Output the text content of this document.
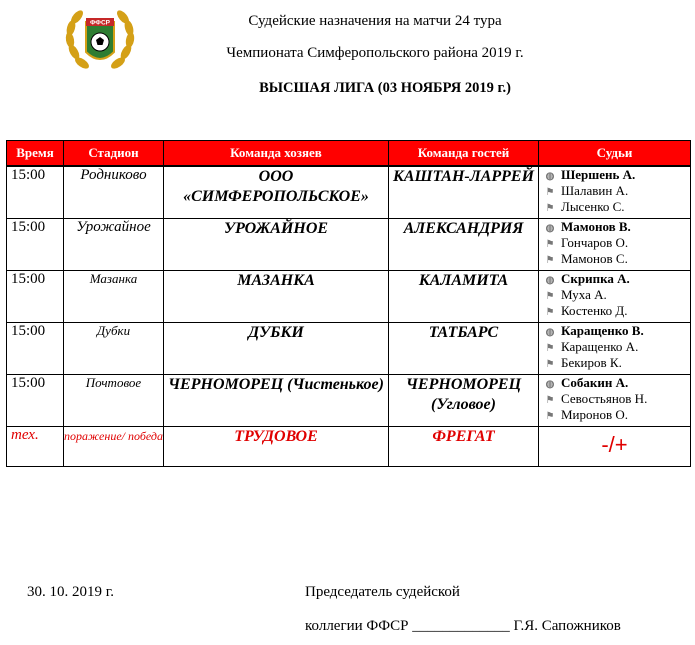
ФФСР	Судейские назначения на матчи 24 тура
Чемпионата Симферопольского района 2019 г.
ВЫСШАЯ ЛИГА (03 НОЯБРЯ 2019 г.)
Время	Стадион	Команда хозяев	Команда гостей	Судьи
15:00	Родниково	ООО «СИМФЕРОПОЛЬСКОЕ»	КАШТАН-ЛАРРЕЙ	◍ Шершень А.
⚑ Шалавин А.
⚑ Лысенко С.

15:00	Урожайное	УРОЖАЙНОЕ	АЛЕКСАНДРИЯ	◍ Мамонов В.
⚑ Гончаров О.
⚑ Мамонов С.

15:00	Мазанка	МАЗАНКА	КАЛАМИТА	◍ Скрипка А.
⚑ Муха А.
⚑ Костенко Д.

15:00	Дубки	ДУБКИ	ТАТБАРС	◍ Каращенко В.
⚑ Каращенко А.
⚑ Бекиров К.

15:00	Почтовое	ЧЕРНОМОРЕЦ (Чистенькое)	ЧЕРНОМОРЕЦ (Угловое)	◍ Собакин А.
⚑ Севостьянов Н.
⚑ Миронов О.

тех.	поражение/ победа	ТРУДОВОЕ	ФРЕГАТ	-/+
30. 10. 2019 г.	Председатель судейской
коллегии ФФСР _____________ Г.Я. Сапожников
